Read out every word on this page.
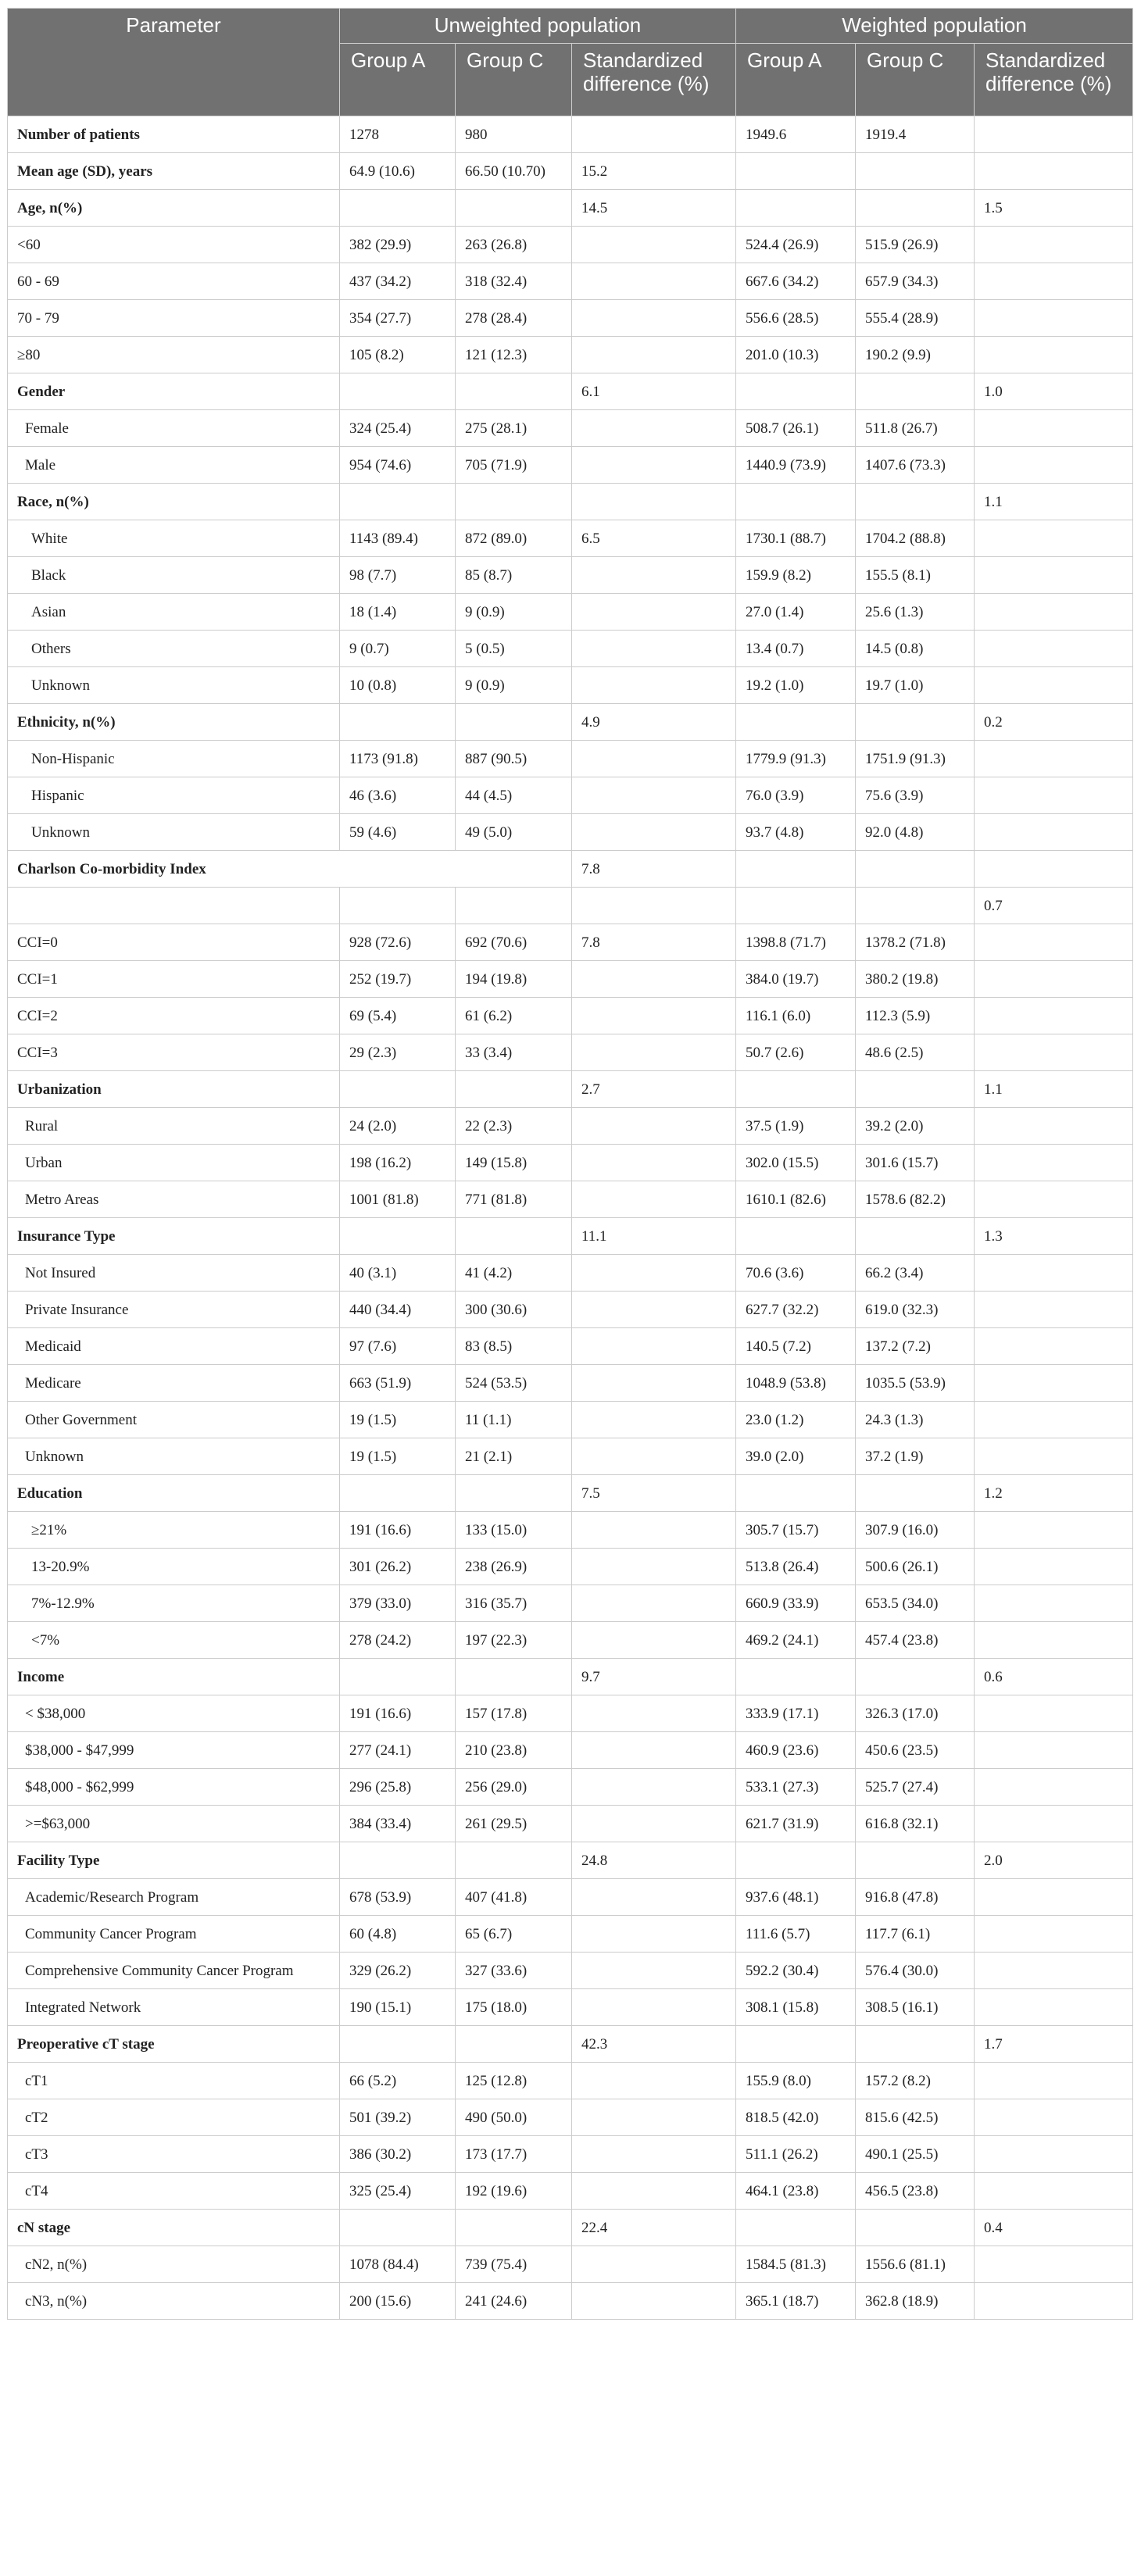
Parameter	Unweighted population			Weighted population		
	Group A	Group C	Standardized difference (%)	Group A	Group C	Standardized difference (%)
Number of patients	1278	980		1949.6	1919.4	
Mean age (SD), years	64.9 (10.6)	66.50 (10.70)	15.2			
Age, n(%)			14.5			1.5
<60	382 (29.9)	263 (26.8)		524.4 (26.9)	515.9 (26.9)	
60 - 69	437 (34.2)	318 (32.4)		667.6 (34.2)	657.9 (34.3)	
70 - 79	354 (27.7)	278 (28.4)		556.6 (28.5)	555.4 (28.9)	
≥80	105 (8.2)	121 (12.3)		201.0 (10.3)	190.2 (9.9)	
Gender			6.1			1.0
Female	324 (25.4)	275 (28.1)		508.7 (26.1)	511.8 (26.7)	
Male	954 (74.6)	705 (71.9)		1440.9 (73.9)	1407.6 (73.3)	
Race, n(%)						1.1
White	1143 (89.4)	872 (89.0)	6.5	1730.1 (88.7)	1704.2 (88.8)	
Black	98 (7.7)	85 (8.7)		159.9 (8.2)	155.5 (8.1)	
Asian	18 (1.4)	9 (0.9)		27.0 (1.4)	25.6 (1.3)	
Others	9 (0.7)	5 (0.5)		13.4 (0.7)	14.5 (0.8)	
Unknown	10 (0.8)	9 (0.9)		19.2 (1.0)	19.7 (1.0)	
Ethnicity, n(%)			4.9			0.2
Non-Hispanic	1173 (91.8)	887 (90.5)		1779.9 (91.3)	1751.9 (91.3)	
Hispanic	46 (3.6)	44 (4.5)		76.0 (3.9)	75.6 (3.9)	
Unknown	59 (4.6)	49 (5.0)		93.7 (4.8)	92.0 (4.8)	
Charlson Co-morbidity Index			7.8			
						0.7
CCI=0	928 (72.6)	692 (70.6)	7.8	1398.8 (71.7)	1378.2 (71.8)	
CCI=1	252 (19.7)	194 (19.8)		384.0 (19.7)	380.2 (19.8)	
CCI=2	69 (5.4)	61 (6.2)		116.1 (6.0)	112.3 (5.9)	
CCI=3	29 (2.3)	33 (3.4)		50.7 (2.6)	48.6 (2.5)	
Urbanization			2.7			1.1
Rural	24 (2.0)	22 (2.3)		37.5 (1.9)	39.2 (2.0)	
Urban	198 (16.2)	149 (15.8)		302.0 (15.5)	301.6 (15.7)	
Metro Areas	1001 (81.8)	771 (81.8)		1610.1 (82.6)	1578.6 (82.2)	
Insurance Type			11.1			1.3
Not Insured	40 (3.1)	41 (4.2)		70.6 (3.6)	66.2 (3.4)	
Private Insurance	440 (34.4)	300 (30.6)		627.7 (32.2)	619.0 (32.3)	
Medicaid	97 (7.6)	83 (8.5)		140.5 (7.2)	137.2 (7.2)	
Medicare	663 (51.9)	524 (53.5)		1048.9 (53.8)	1035.5 (53.9)	
Other Government	19 (1.5)	11 (1.1)		23.0 (1.2)	24.3 (1.3)	
Unknown	19 (1.5)	21 (2.1)		39.0 (2.0)	37.2 (1.9)	
Education			7.5			1.2
≥21%	191 (16.6)	133 (15.0)		305.7 (15.7)	307.9 (16.0)	
13-20.9%	301 (26.2)	238 (26.9)		513.8 (26.4)	500.6 (26.1)	
7%-12.9%	379 (33.0)	316 (35.7)		660.9 (33.9)	653.5 (34.0)	
<7%	278 (24.2)	197 (22.3)		469.2 (24.1)	457.4 (23.8)	
Income			9.7			0.6
< $38,000	191 (16.6)	157 (17.8)		333.9 (17.1)	326.3 (17.0)	
$38,000 - $47,999	277 (24.1)	210 (23.8)		460.9 (23.6)	450.6 (23.5)	
$48,000 - $62,999	296 (25.8)	256 (29.0)		533.1 (27.3)	525.7 (27.4)	
>=$63,000	384 (33.4)	261 (29.5)		621.7 (31.9)	616.8 (32.1)	
Facility Type			24.8			2.0
Academic/Research Program	678 (53.9)	407 (41.8)		937.6 (48.1)	916.8 (47.8)	
Community Cancer Program	60 (4.8)	65 (6.7)		111.6 (5.7)	117.7 (6.1)	
Comprehensive Community Cancer Program	329 (26.2)	327 (33.6)		592.2 (30.4)	576.4 (30.0)	
Integrated Network	190 (15.1)	175 (18.0)		308.1 (15.8)	308.5 (16.1)	
Preoperative cT stage			42.3			1.7
cT1	66 (5.2)	125 (12.8)		155.9 (8.0)	157.2 (8.2)	
cT2	501 (39.2)	490 (50.0)		818.5 (42.0)	815.6 (42.5)	
cT3	386 (30.2)	173 (17.7)		511.1 (26.2)	490.1 (25.5)	
cT4	325 (25.4)	192 (19.6)		464.1 (23.8)	456.5 (23.8)	
cN stage			22.4			0.4
cN2, n(%)	1078 (84.4)	739 (75.4)		1584.5 (81.3)	1556.6 (81.1)	
cN3, n(%)	200 (15.6)	241 (24.6)		365.1 (18.7)	362.8 (18.9)	
